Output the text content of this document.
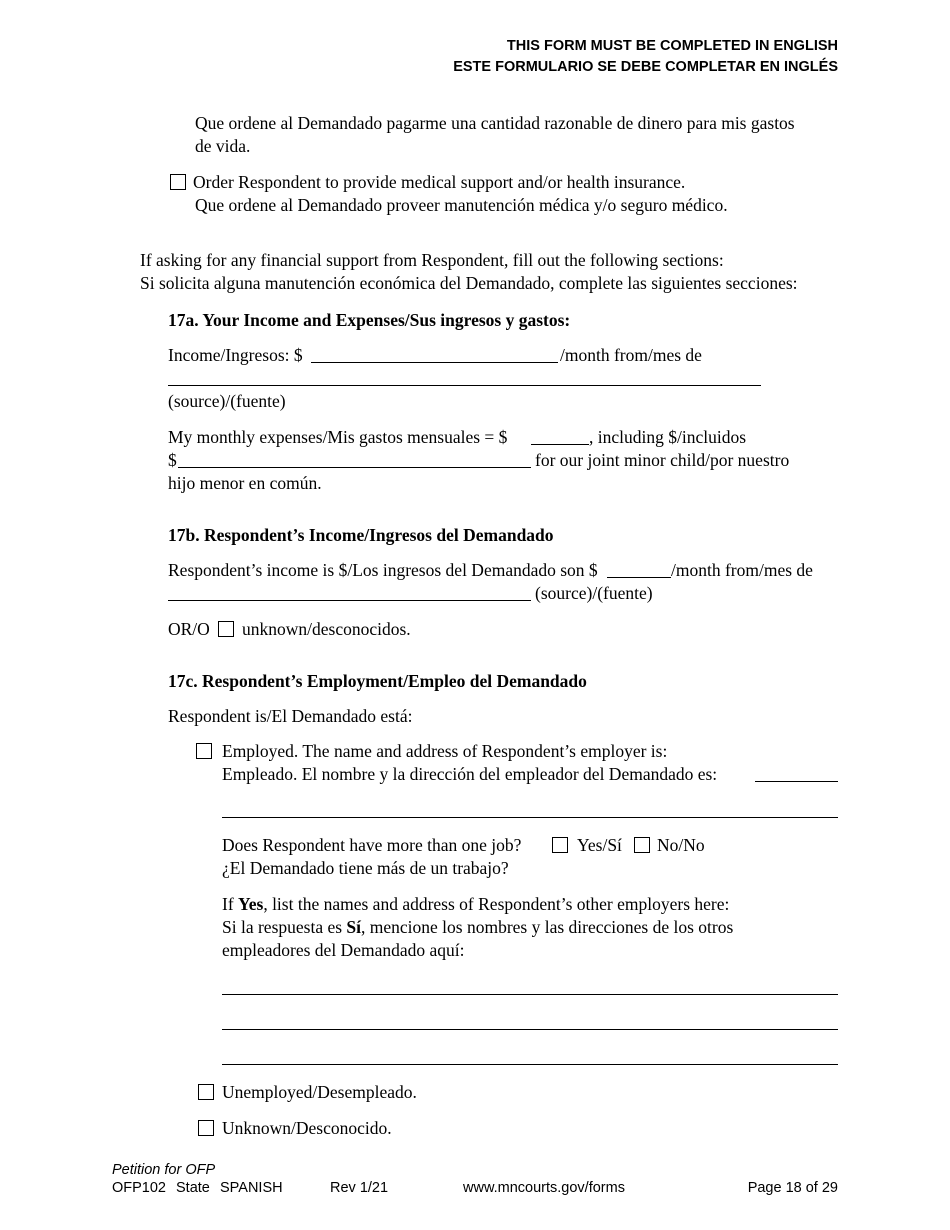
THIS FORM MUST BE COMPLETED IN ENGLISH
ESTE FORMULARIO SE DEBE COMPLETAR EN INGLÉS
Que ordene al Demandado pagarme una cantidad razonable de dinero para mis gastos
de vida.
Order Respondent to provide medical support and/or health insurance.
Que ordene al Demandado proveer manutención médica y/o seguro médico.
If asking for any financial support from Respondent, fill out the following sections:
Si solicita alguna manutención económica del Demandado, complete las siguientes secciones:
17a. Your Income and Expenses/Sus ingresos y gastos:
Income/Ingresos: $	/month from/mes de
(source)/(fuente)
My monthly expenses/Mis gastos mensuales = $	, including $/incluidos
$	for our joint minor child/por nuestro
hijo menor en común.
17b. Respondent’s Income/Ingresos del Demandado
Respondent’s income is $/Los ingresos del Demandado son $	/month from/mes de
(source)/(fuente)
OR/O unknown/desconocidos.
17c. Respondent’s Employment/Empleo del Demandado
Respondent is/El Demandado está:
Employed. The name and address of Respondent’s employer is:
Empleado. El nombre y la dirección del empleador del Demandado es:
Does Respondent have more than one job?	Yes/Sí No/No
¿El Demandado tiene más de un trabajo?
If Yes, list the names and address of Respondent’s other employers here:
Si la respuesta es Sí, mencione los nombres y las direcciones de los otros
empleadores del Demandado aquí:
Unemployed/Desempleado.
Unknown/Desconocido.
Petition for OFP
OFP102 State SPANISH	Rev 1/21	www.mncourts.gov/forms	Page 18 of 29
